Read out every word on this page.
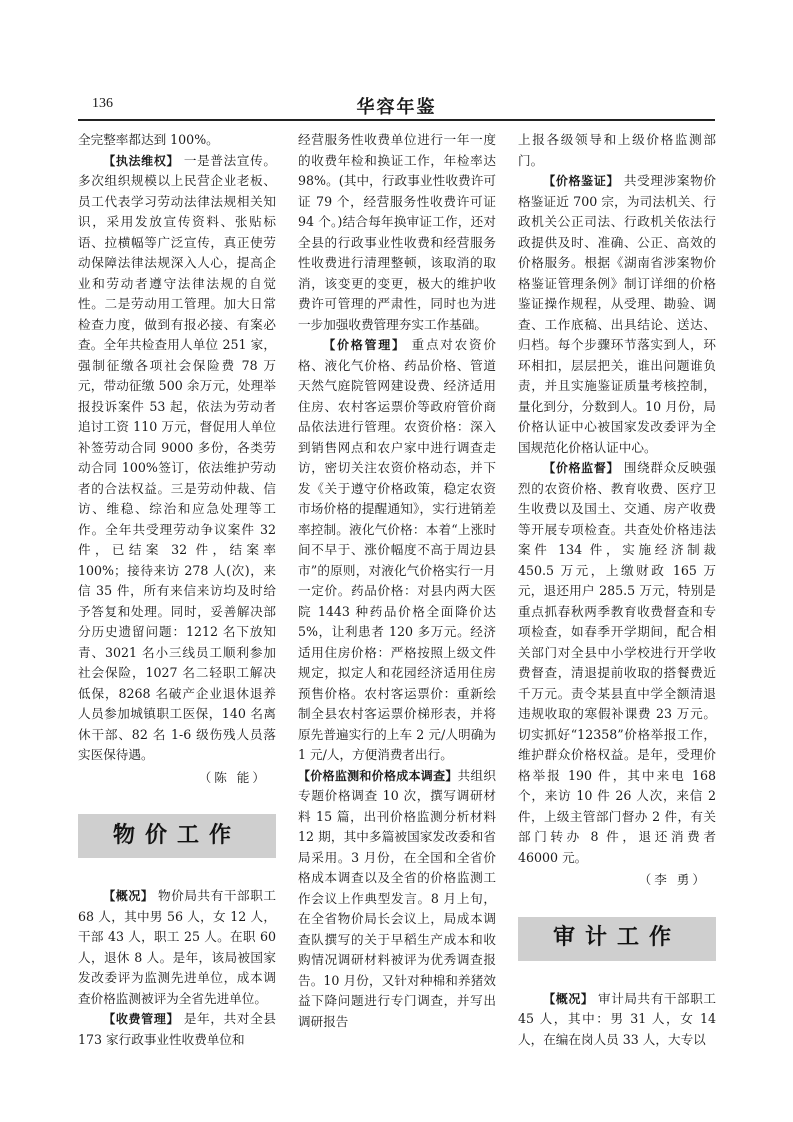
136	华容年鉴

全完整率都达到 100%。

【执法维权】 一是普法宣传。多次组织规模以上民营企业老板、员工代表学习劳动法律法规相关知识，采用发放宣传资料、张贴标语、拉横幅等广泛宣传，真正使劳动保障法律法规深入人心，提高企业和劳动者遵守法律法规的自觉性。二是劳动用工管理。加大日常检查力度，做到有报必接、有案必查。全年共检查用人单位 251 家，强制征缴各项社会保险费 78 万元，带动征缴 500 余万元，处理举报投诉案件 53 起，依法为劳动者追讨工资 110 万元，督促用人单位补签劳动合同 9000 多份，各类劳动合同 100%签订，依法维护劳动者的合法权益。三是劳动仲裁、信访、维稳、综治和应急处理等工作。全年共受理劳动争议案件 32 件，已结案 32 件，结案率 100%；接待来访 278 人(次)，来信 35 件，所有来信来访均及时给予答复和处理。同时，妥善解决部分历史遗留问题：1212 名下放知青、3021 名小三线员工顺利参加社会保险，1027 名二轻职工解决低保，8268 名破产企业退休退养人员参加城镇职工医保，140 名离休干部、82 名 1-6 级伤残人员落实医保待遇。

（陈 能）
物价工作

【概况】 物价局共有干部职工 68 人，其中男 56 人，女 12 人，干部 43 人，职工 25 人。在职 60 人，退休 8 人。是年，该局被国家发改委评为监测先进单位，成本调查价格监测被评为全省先进单位。

【收费管理】 是年，共对全县 173 家行政事业性收费单位和

经营服务性收费单位进行一年一度的收费年检和换证工作，年检率达 98%。(其中，行政事业性收费许可证 79 个，经营服务性收费许可证 94 个。)结合每年换审证工作，还对全县的行政事业性收费和经营服务性收费进行清理整顿，该取消的取消，该变更的变更，极大的维护收费许可管理的严肃性，同时也为进一步加强收费管理夯实工作基础。

【价格管理】 重点对农资价格、液化气价格、药品价格、管道天然气庭院管网建设费、经济适用住房、农村客运票价等政府管价商品依法进行管理。农资价格：深入到销售网点和农户家中进行调查走访，密切关注农资价格动态，并下发《关于遵守价格政策，稳定农资市场价格的提醒通知》，实行进销差率控制。液化气价格：本着“上涨时间不早于、涨价幅度不高于周边县市”的原则，对液化气价格实行一月一定价。药品价格：对县内两大医院 1443 种药品价格全面降价达 5%，让利患者 120 多万元。经济适用住房价格：严格按照上级文件规定，拟定人和花园经济适用住房预售价格。农村客运票价：重新绘制全县农村客运票价梯形表，并将原先普遍实行的上车 2 元/人明确为 1 元/人，方便消费者出行。

【价格监测和价格成本调查】共组织专题价格调查 10 次，撰写调研材料 15 篇，出刊价格监测分析材料 12 期，其中多篇被国家发改委和省局采用。3 月份，在全国和全省价格成本调查以及全省的价格监测工作会议上作典型发言。8 月上旬，在全省物价局长会议上，局成本调查队撰写的关于早稻生产成本和收购情况调研材料被评为优秀调查报告。10 月份，又针对种棉和养猪效益下降问题进行专门调查，并写出调研报告

上报各级领导和上级价格监测部门。

【价格鉴证】 共受理涉案物价格鉴证近 700 宗，为司法机关、行政机关公正司法、行政机关依法行政提供及时、准确、公正、高效的价格服务。根据《湖南省涉案物价格鉴证管理条例》制订详细的价格鉴证操作规程，从受理、勘验、调查、工作底稿、出具结论、送达、归档。每个步骤环节落实到人，环环相扣，层层把关，谁出问题谁负责，并且实施鉴证质量考核控制，量化到分，分数到人。10 月份，局价格认证中心被国家发改委评为全国规范化价格认证中心。

【价格监督】 围绕群众反映强烈的农资价格、教育收费、医疗卫生收费以及国土、交通、房产收费等开展专项检查。共查处价格违法案件 134 件，实施经济制裁 450.5 万元，上缴财政 165 万元，退还用户 285.5 万元，特别是重点抓春秋两季教育收费督查和专项检查，如春季开学期间，配合相关部门对全县中小学校进行开学收费督查，清退提前收取的搭餐费近千万元。责令某县直中学全额清退违规收取的寒假补课费 23 万元。切实抓好“12358”价格举报工作，维护群众价格权益。是年，受理价格举报 190 件，其中来电 168 个，来访 10 件 26 人次，来信 2 件，上级主管部门督办 2 件，有关部门转办 8 件，退还消费者 46000 元。

（李 勇）
审计工作

【概况】 审计局共有干部职工 45 人，其中：男 31 人，女 14 人，在编在岗人员 33 人，大专以
